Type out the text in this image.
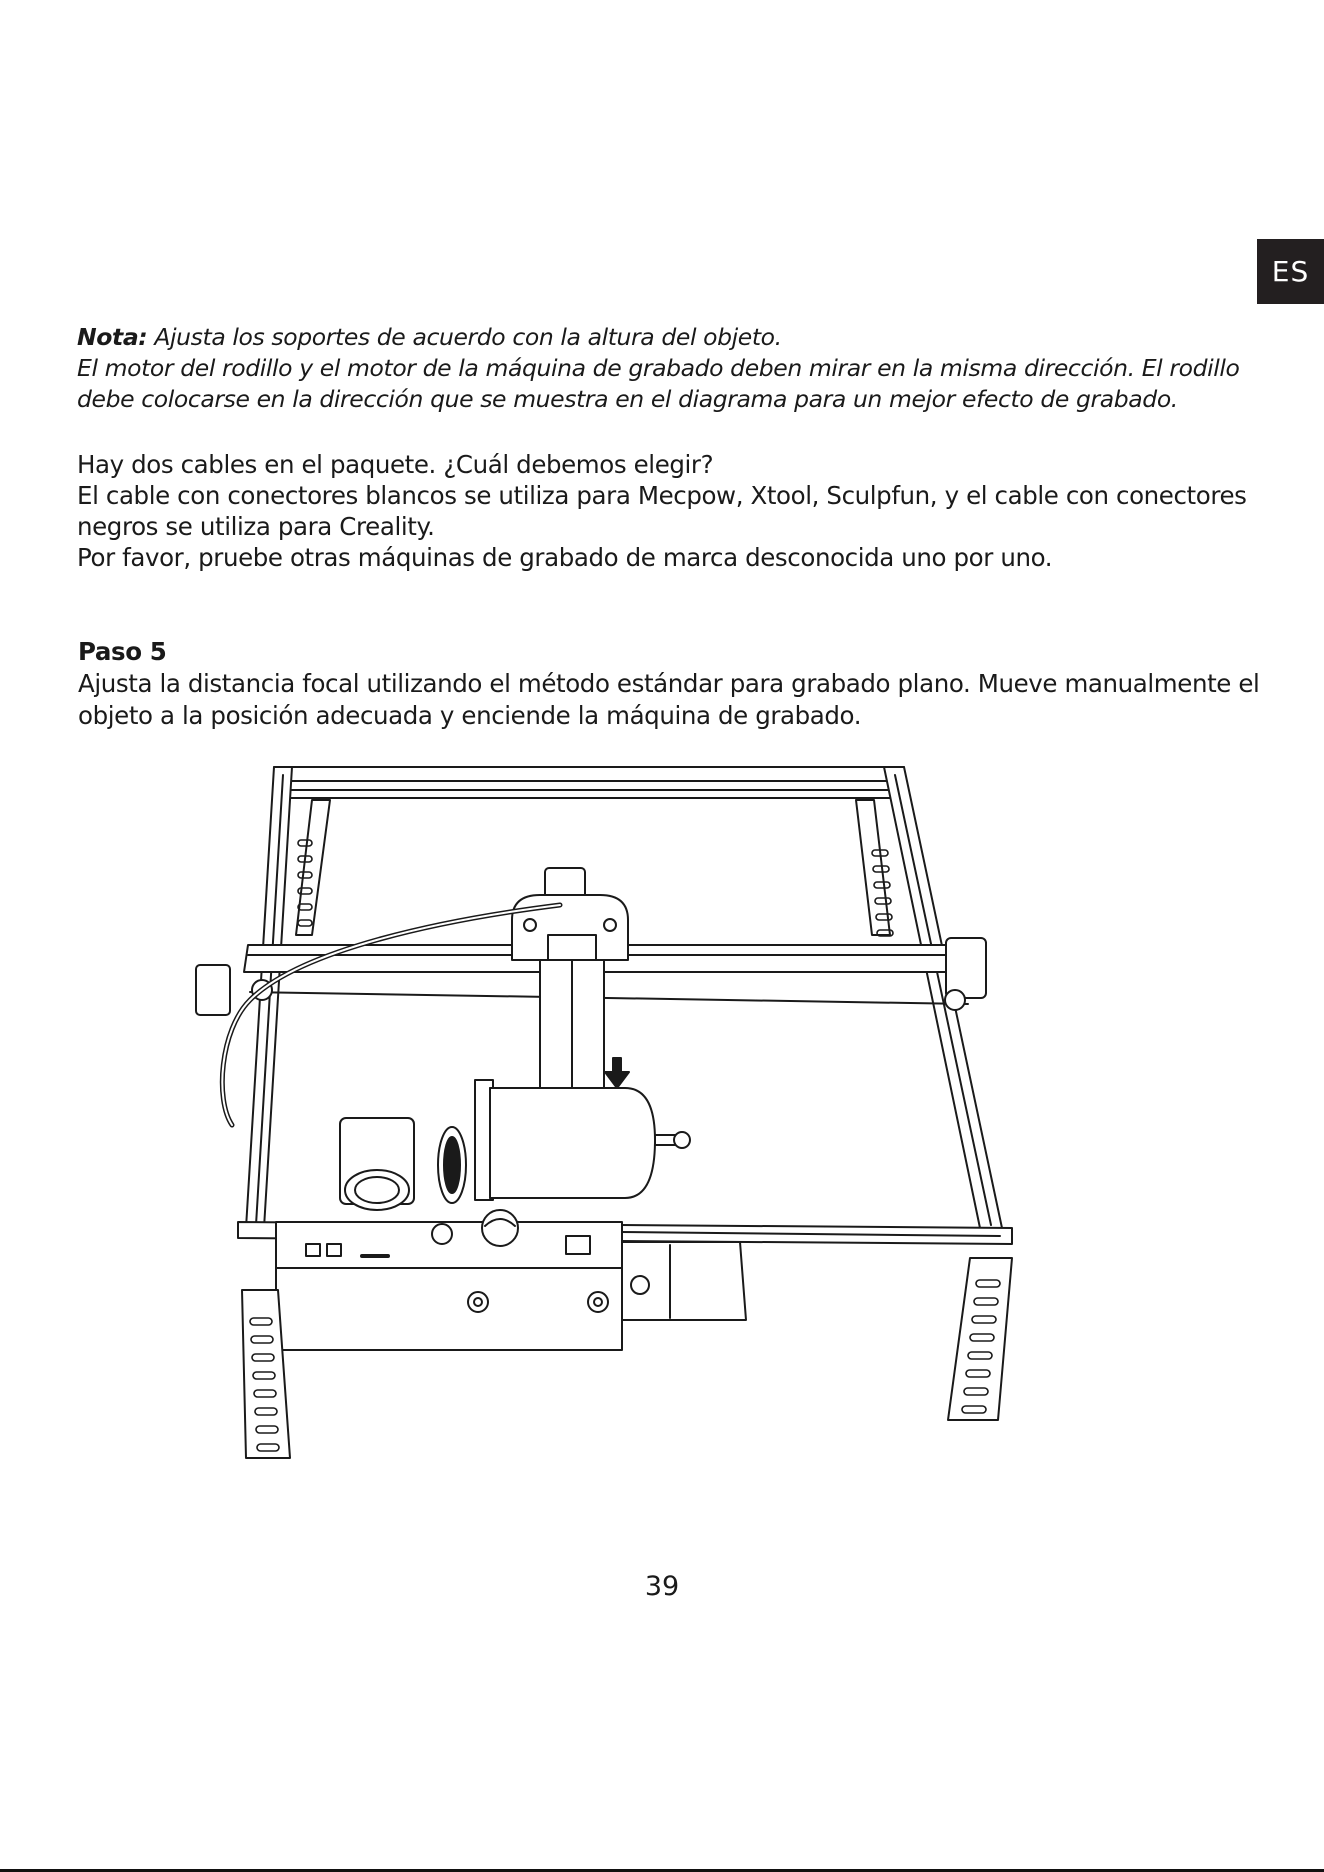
ES

Nota: Ajusta los soportes de acuerdo con la altura del objeto.

El motor del rodillo y el motor de la máquina de grabado deben mirar en la misma dirección. El rodillo

debe colocarse en la dirección que se muestra en el diagrama para un mejor efecto de grabado.

Hay dos cables en el paquete. ¿Cuál debemos elegir?

El cable con conectores blancos se utiliza para Mecpow, Xtool, Sculpfun, y el cable con conectores

negros se utiliza para Creality.

Por favor, pruebe otras máquinas de grabado de marca desconocida uno por uno.

Paso 5

Ajusta la distancia focal utilizando el método estándar para grabado plano. Mueve manualmente el

objeto a la posición adecuada y enciende la máquina de grabado.

39
